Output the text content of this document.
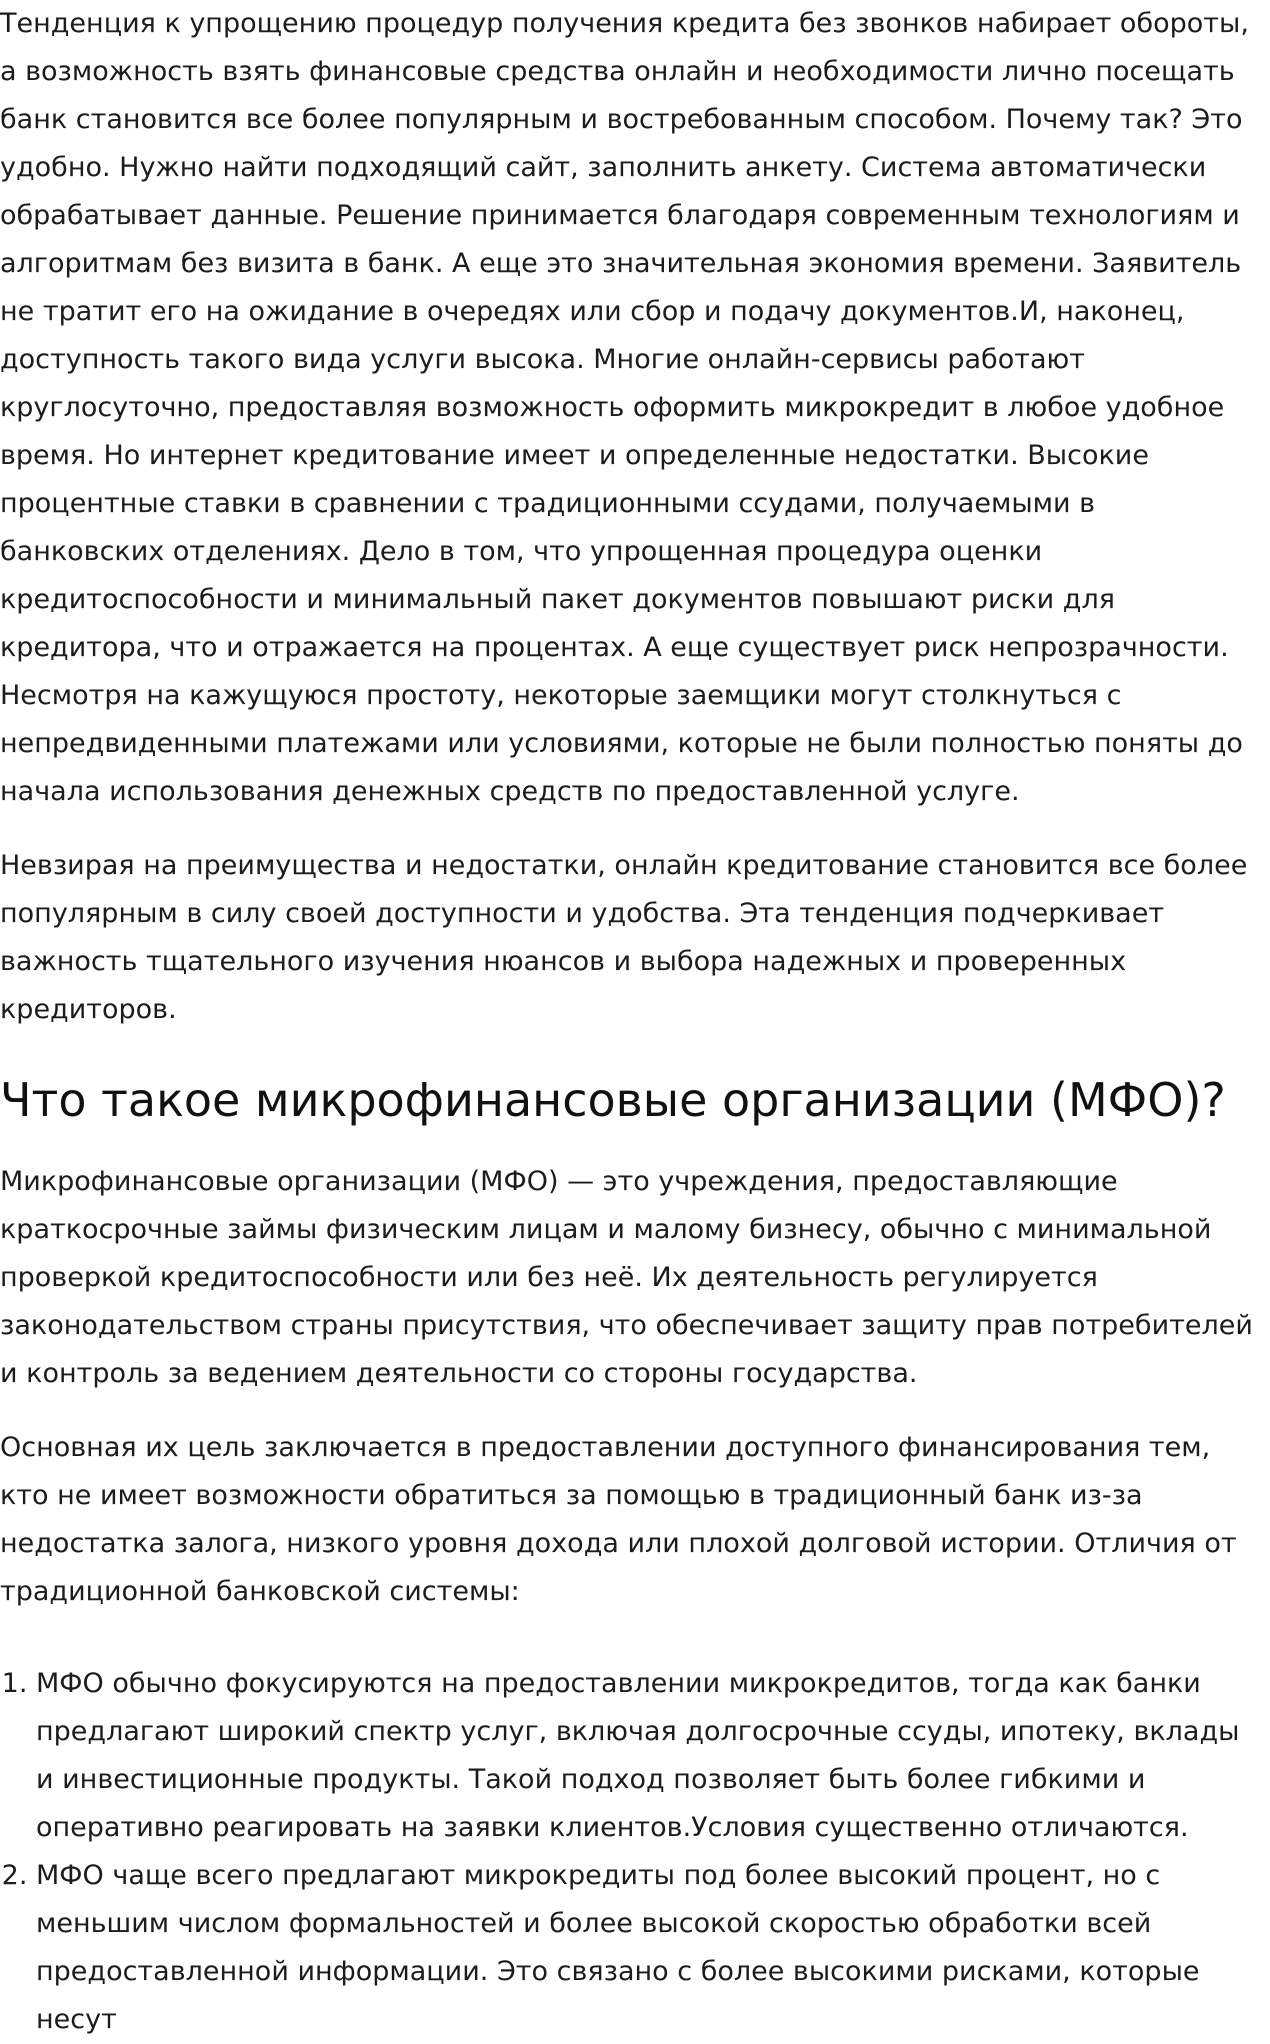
Тенденция к упрощению процедур получения кредита без звонков набирает обороты, а возможность взять финансовые средства онлайн и необходимости лично посещать банк становится все более популярным и востребованным способом. Почему так? Это удобно. Нужно найти подходящий сайт, заполнить анкету. Система автоматически обрабатывает данные. Решение принимается благодаря современным технологиям и алгоритмам без визита в банк. А еще это значительная экономия времени. Заявитель не тратит его на ожидание в очередях или сбор и подачу документов.И, наконец, доступность такого вида услуги высока. Многие онлайн-сервисы работают круглосуточно, предоставляя возможность оформить микрокредит в любое удобное время. Но интернет кредитование имеет и определенные недостатки. Высокие процентные ставки в сравнении с традиционными ссудами, получаемыми в банковских отделениях. Дело в том, что упрощенная процедура оценки кредитоспособности и минимальный пакет документов повышают риски для кредитора, что и отражается на процентах. А еще существует риск непрозрачности. Несмотря на кажущуюся простоту, некоторые заемщики могут столкнуться с непредвиденными платежами или условиями, которые не были полностью поняты до начала использования денежных средств по предоставленной услуге.

Невзирая на преимущества и недостатки, онлайн кредитование становится все более популярным в силу своей доступности и удобства. Эта тенденция подчеркивает важность тщательного изучения нюансов и выбора надежных и проверенных кредиторов.

Что такое микрофинансовые организации (МФО)?

Микрофинансовые организации (МФО) — это учреждения, предоставляющие краткосрочные займы физическим лицам и малому бизнесу, обычно с минимальной проверкой кредитоспособности или без неё. Их деятельность регулируется законодательством страны присутствия, что обеспечивает защиту прав потребителей и контроль за ведением деятельности со стороны государства.

Основная их цель заключается в предоставлении доступного финансирования тем, кто не имеет возможности обратиться за помощью в традиционный банк из-за недостатка залога, низкого уровня дохода или плохой долговой истории. Отличия от традиционной банковской системы:

1. МФО обычно фокусируются на предоставлении микрокредитов, тогда как банки предлагают широкий спектр услуг, включая долгосрочные ссуды, ипотеку, вклады и инвестиционные продукты. Такой подход позволяет быть более гибкими и оперативно реагировать на заявки клиентов.Условия существенно отличаются.
2. МФО чаще всего предлагают микрокредиты под более высокий процент, но с меньшим числом формальностей и более высокой скоростью обработки всей предоставленной информации. Это связано с более высокими рисками, которые несут
